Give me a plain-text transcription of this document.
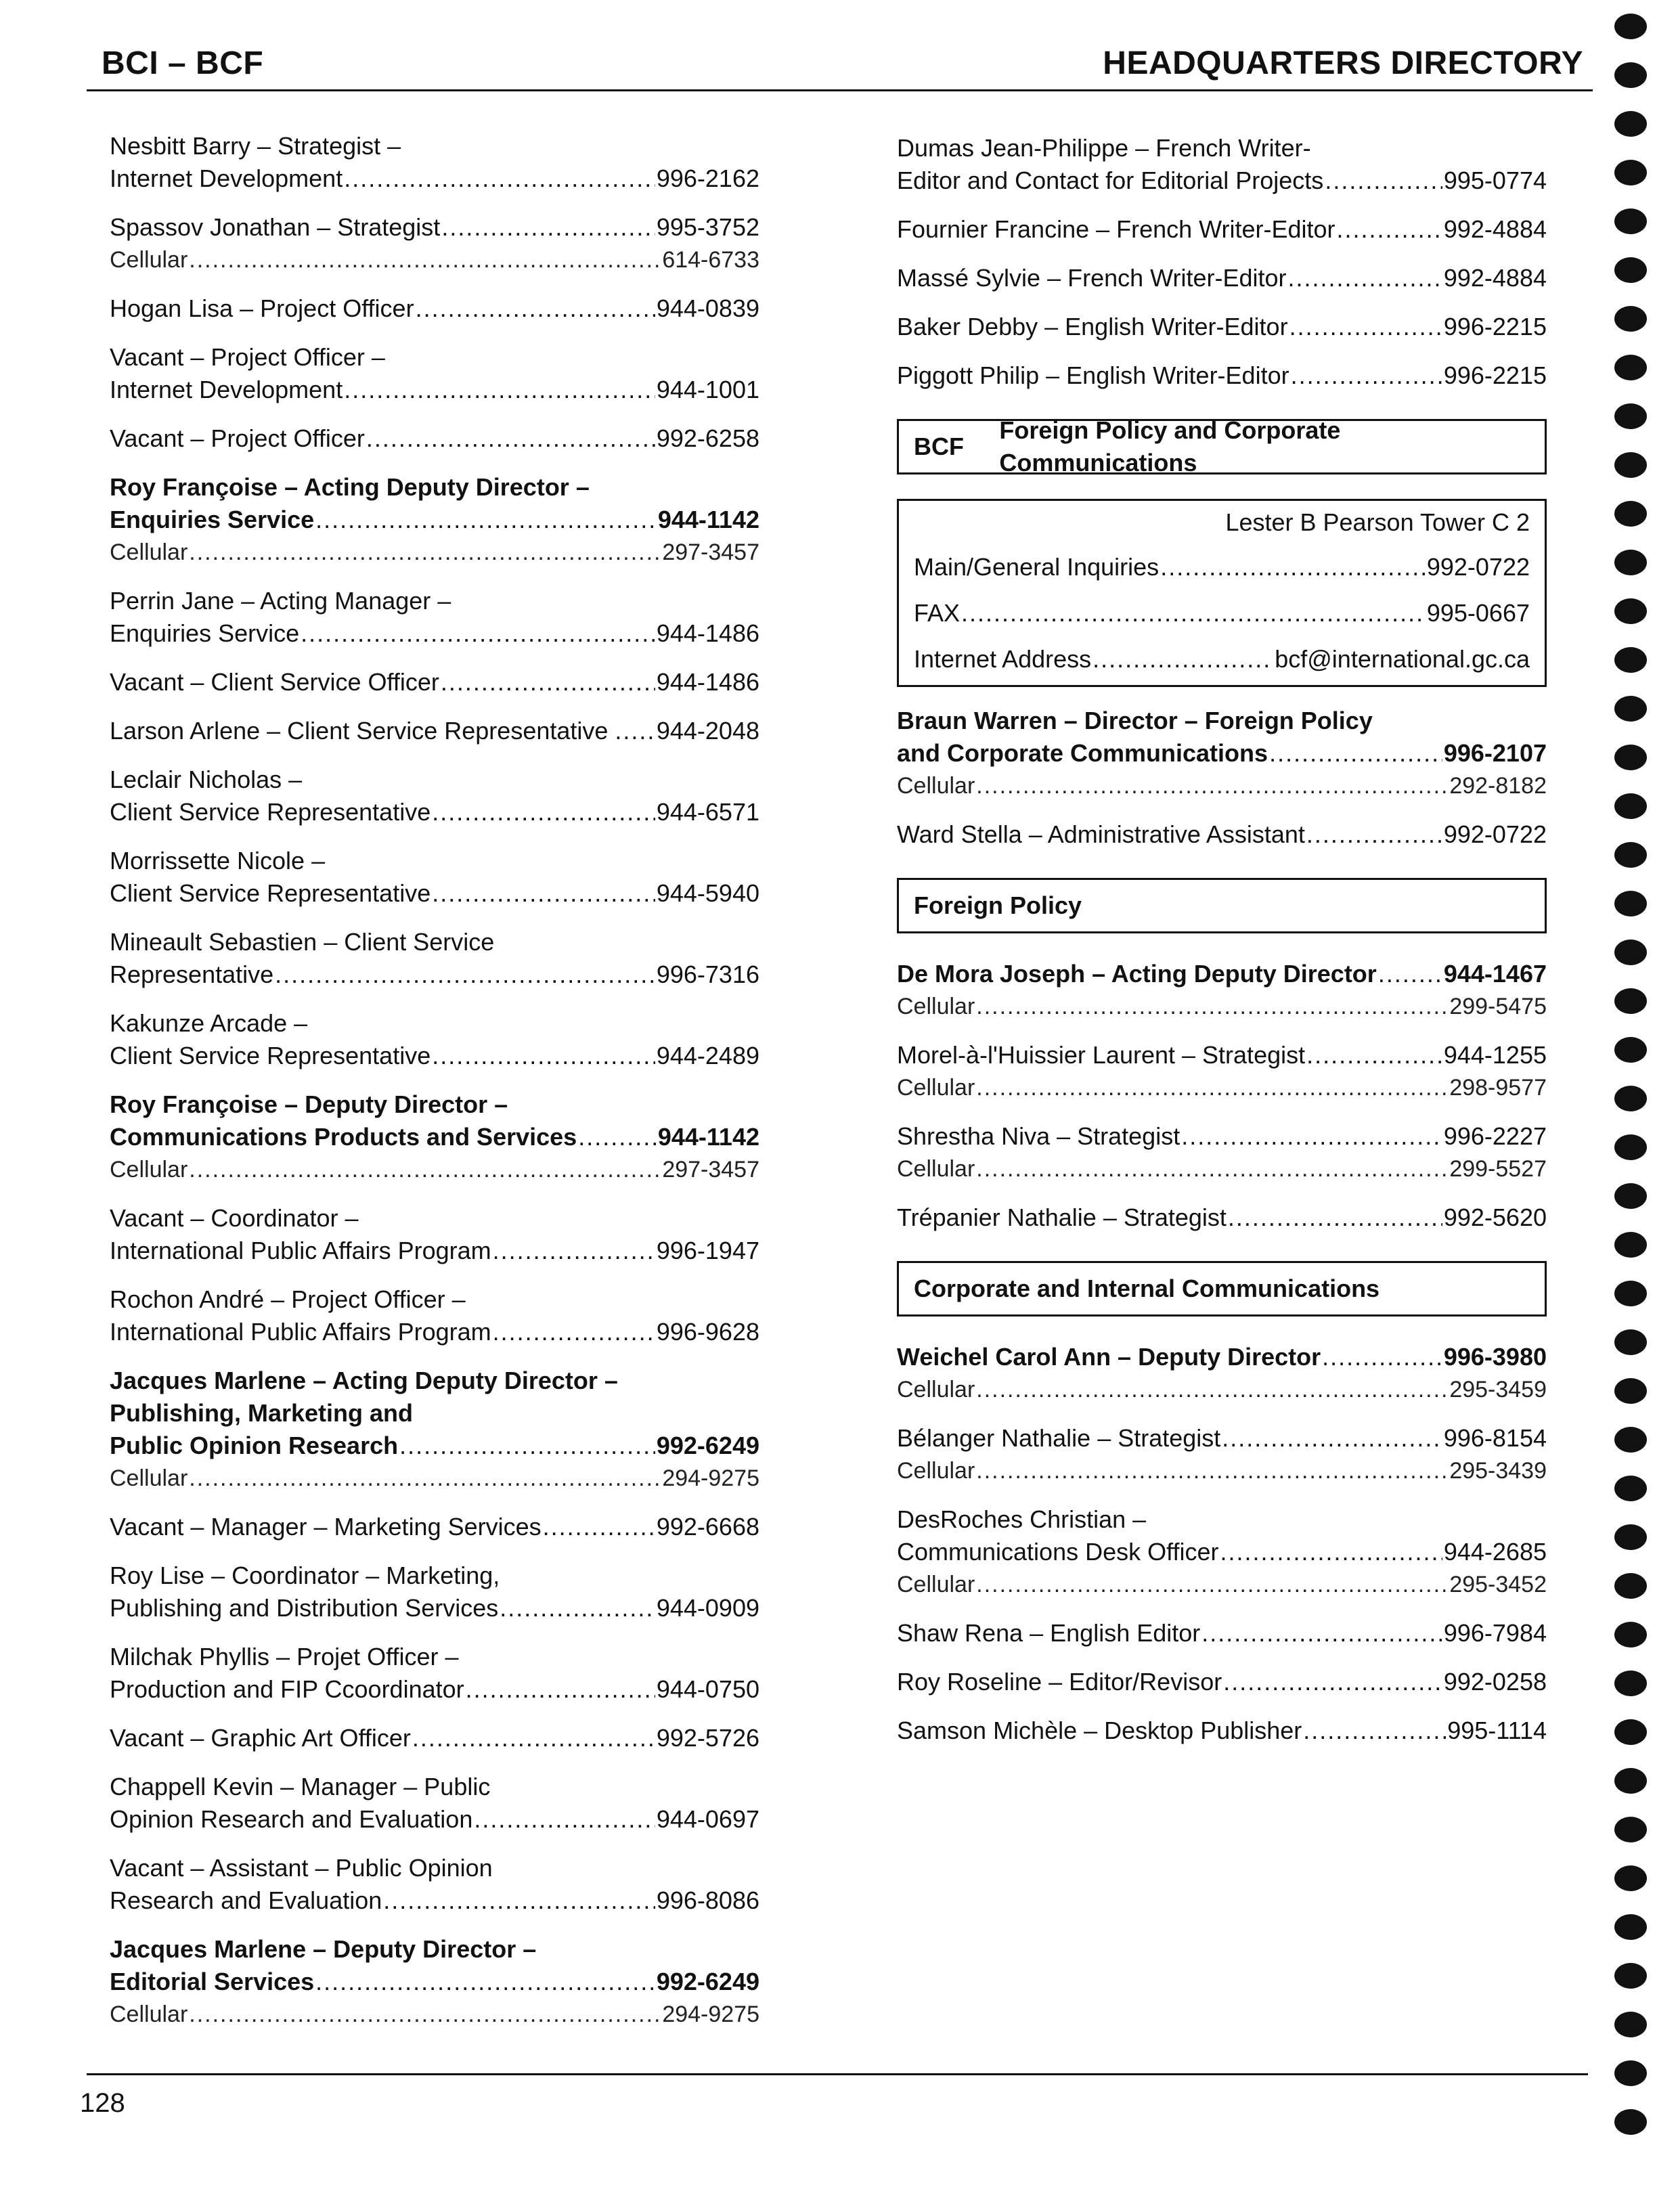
BCI – BCF	HEADQUARTERS DIRECTORY
Nesbitt Barry – Strategist –
Internet Development .....	996-2162
Spassov Jonathan – Strategist .....	995-3752
Cellular .....	614-6733
Hogan Lisa – Project Officer .....	944-0839
Vacant – Project Officer –
Internet Development .....	944-1001
Vacant – Project Officer .....	992-6258
Roy Françoise – Acting Deputy Director –
Enquiries Service .....	944-1142
Cellular .....	297-3457
Perrin Jane – Acting Manager –
Enquiries Service .....	944-1486
Vacant – Client Service Officer .....	944-1486
Larson Arlene – Client Service Representative . ..... 944-2048
Leclair Nicholas –
Client Service Representative .....	944-6571
Morrissette Nicole –
Client Service Representative .....	944-5940
Mineault Sebastien – Client Service
Representative .....	996-7316
Kakunze Arcade –
Client Service Representative .....	944-2489
Roy Françoise – Deputy Director –
Communications Products and Services .....	944-1142
Cellular .....	297-3457
Vacant – Coordinator –
International Public Affairs Program .....	996-1947
Rochon André – Project Officer –
International Public Affairs Program .....	996-9628
Jacques Marlene – Acting Deputy Director –
Publishing, Marketing and
Public Opinion Research .....	992-6249
Cellular .....	294-9275
Vacant – Manager – Marketing Services .....	992-6668
Roy Lise – Coordinator – Marketing,
Publishing and Distribution Services .....	944-0909
Milchak Phyllis – Projet Officer –
Production and FIP Ccoordinator .....	944-0750
Vacant – Graphic Art Officer .....	992-5726
Chappell Kevin – Manager – Public
Opinion Research and Evaluation .....	944-0697
Vacant – Assistant – Public Opinion
Research and Evaluation .....	996-8086
Jacques Marlene – Deputy Director –
Editorial Services .....	992-6249
Cellular .....	294-9275
Dumas Jean-Philippe – French Writer-
Editor and Contact for Editorial Projects .....	995-0774
Fournier Francine – French Writer-Editor .....	992-4884
Massé Sylvie – French Writer-Editor .....	992-4884
Baker Debby – English Writer-Editor .....	996-2215
Piggott Philip – English Writer-Editor .....	996-2215
BCF
Foreign Policy and Corporate Communications
Lester B Pearson Tower C 2
Main/General Inquiries .....	992-0722
FAX .....	995-0667
Internet Address .....	bcf@international.gc.ca
Braun Warren – Director – Foreign Policy
and Corporate Communications .....	996-2107
Cellular .....	292-8182
Ward Stella – Administrative Assistant .....	992-0722
Foreign Policy
De Mora Joseph – Acting Deputy Director .....	944-1467
Cellular .....	299-5475
Morel-à-l'Huissier Laurent – Strategist .....	944-1255
Cellular .....	298-9577
Shrestha Niva – Strategist .....	996-2227
Cellular .....	299-5527
Trépanier Nathalie – Strategist .....	992-5620
Corporate and Internal Communications
Weichel Carol Ann – Deputy Director .....	996-3980
Cellular .....	295-3459
Bélanger Nathalie – Strategist .....	996-8154
Cellular .....	295-3439
DesRoches Christian –
Communications Desk Officer .....	944-2685
Cellular .....	295-3452
Shaw Rena – English Editor .....	996-7984
Roy Roseline – Editor/Revisor .....	992-0258
Samson Michèle – Desktop Publisher .....	995-1114
128
